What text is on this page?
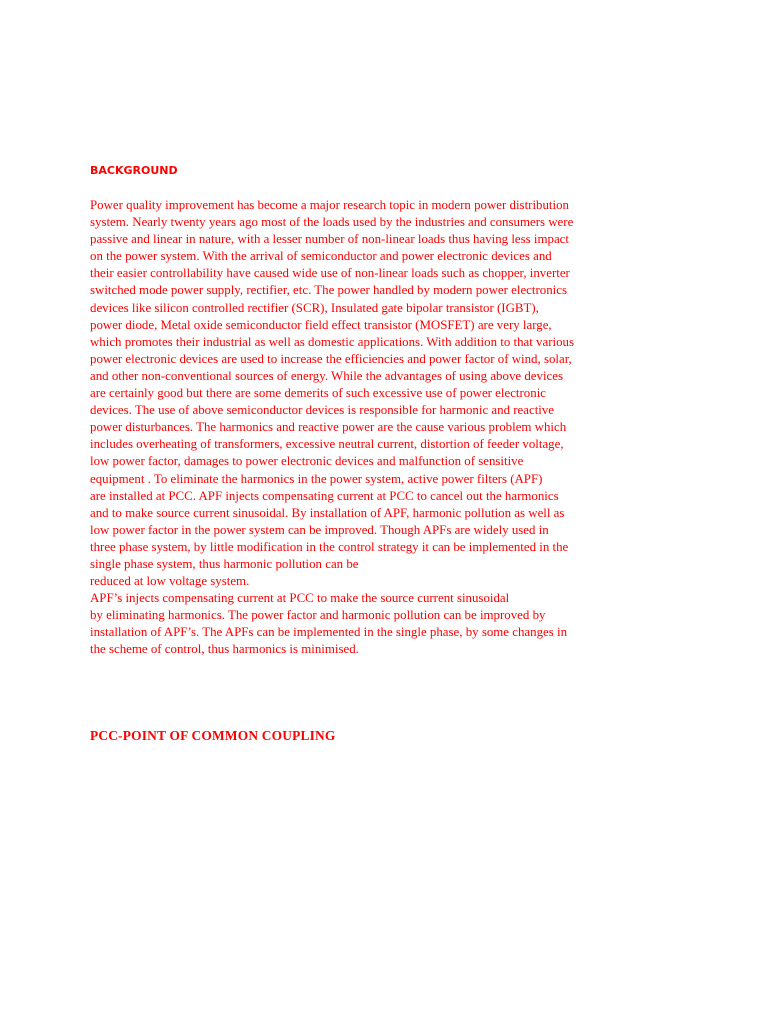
BACKGROUND
Power quality improvement has become a major research topic in modern power distribution
system. Nearly twenty years ago most of the loads used by the industries and consumers were
passive and linear in nature, with a lesser number of non-linear loads thus having less impact
on the power system. With the arrival of semiconductor and power electronic devices and
their easier controllability have caused wide use of non-linear loads such as chopper, inverter
switched mode power supply, rectifier, etc. The power handled by modern power electronics
devices like silicon controlled rectifier (SCR), Insulated gate bipolar transistor (IGBT),
power diode, Metal oxide semiconductor field effect transistor (MOSFET) are very large,
which promotes their industrial as well as domestic applications. With addition to that various
power electronic devices are used to increase the efficiencies and power factor of wind, solar,
and other non-conventional sources of energy. While the advantages of using above devices
are certainly good but there are some demerits of such excessive use of power electronic
devices. The use of above semiconductor devices is responsible for harmonic and reactive
power disturbances. The harmonics and reactive power are the cause various problem which
includes overheating of transformers, excessive neutral current, distortion of feeder voltage,
low power factor, damages to power electronic devices and malfunction of sensitive
equipment . To eliminate the harmonics in the power system, active power filters (APF)
are installed at PCC. APF injects compensating current at PCC to cancel out the harmonics
and to make source current sinusoidal. By installation of APF, harmonic pollution as well as
low power factor in the power system can be improved. Though APFs are widely used in
three phase system, by little modification in the control strategy it can be implemented in the
single phase system, thus harmonic pollution can be
reduced at low voltage system.
APF’s injects compensating current at PCC to make the source current sinusoidal
by eliminating harmonics. The power factor and harmonic pollution can be improved by
installation of APF’s. The APFs can be implemented in the single phase, by some changes in
the scheme of control, thus harmonics is minimised.
PCC-POINT OF COMMON COUPLING
